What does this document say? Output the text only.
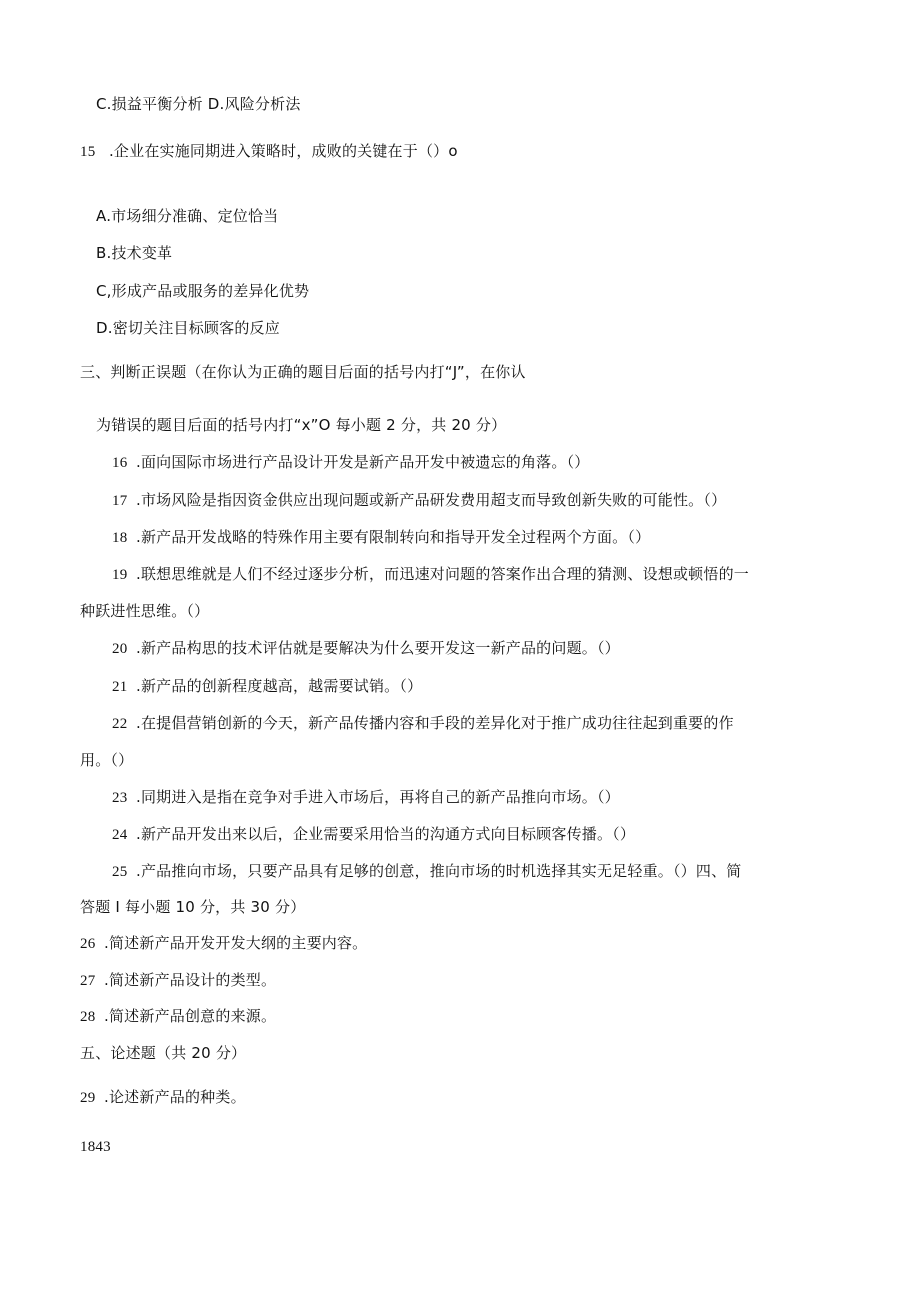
C.损益平衡分析 D.风险分析法
15 .企业在实施同期进入策略时，成败的关键在于（）o
A.市场细分准确、定位恰当
B.技术变革
C,形成产品或服务的差异化优势
D.密切关注目标顾客的反应
三、判断正误题（在你认为正确的题目后面的括号内打“J”，在你认
为错误的题目后面的括号内打“x”O 每小题 2 分，共 20 分）
16 .面向国际市场进行产品设计开发是新产品开发中被遗忘的角落。（）
17 .市场风险是指因资金供应出现问题或新产品研发费用超支而导致创新失败的可能性。（）
18 .新产品开发战略的特殊作用主要有限制转向和指导开发全过程两个方面。（）
19 .联想思维就是人们不经过逐步分析，而迅速对问题的答案作出合理的猜测、设想或顿悟的一
种跃进性思维。（）
20 .新产品构思的技术评估就是要解决为什么要开发这一新产品的问题。（）
21 .新产品的创新程度越高，越需要试销。（）
22 .在提倡营销创新的今天，新产品传播内容和手段的差异化对于推广成功往往起到重要的作
用。（）
23 .同期进入是指在竞争对手进入市场后，再将自己的新产品推向市场。（）
24 .新产品开发出来以后，企业需要采用恰当的沟通方式向目标顾客传播。（）
25 .产品推向市场，只要产品具有足够的创意，推向市场的时机选择其实无足轻重。（）四、简
答题 I 每小题 10 分，共 30 分）
26 .简述新产品开发开发大纲的主要内容。
27 .简述新产品设计的类型。
28 .简述新产品创意的来源。
五、论述题（共 20 分）
29 .论述新产品的种类。
1843
